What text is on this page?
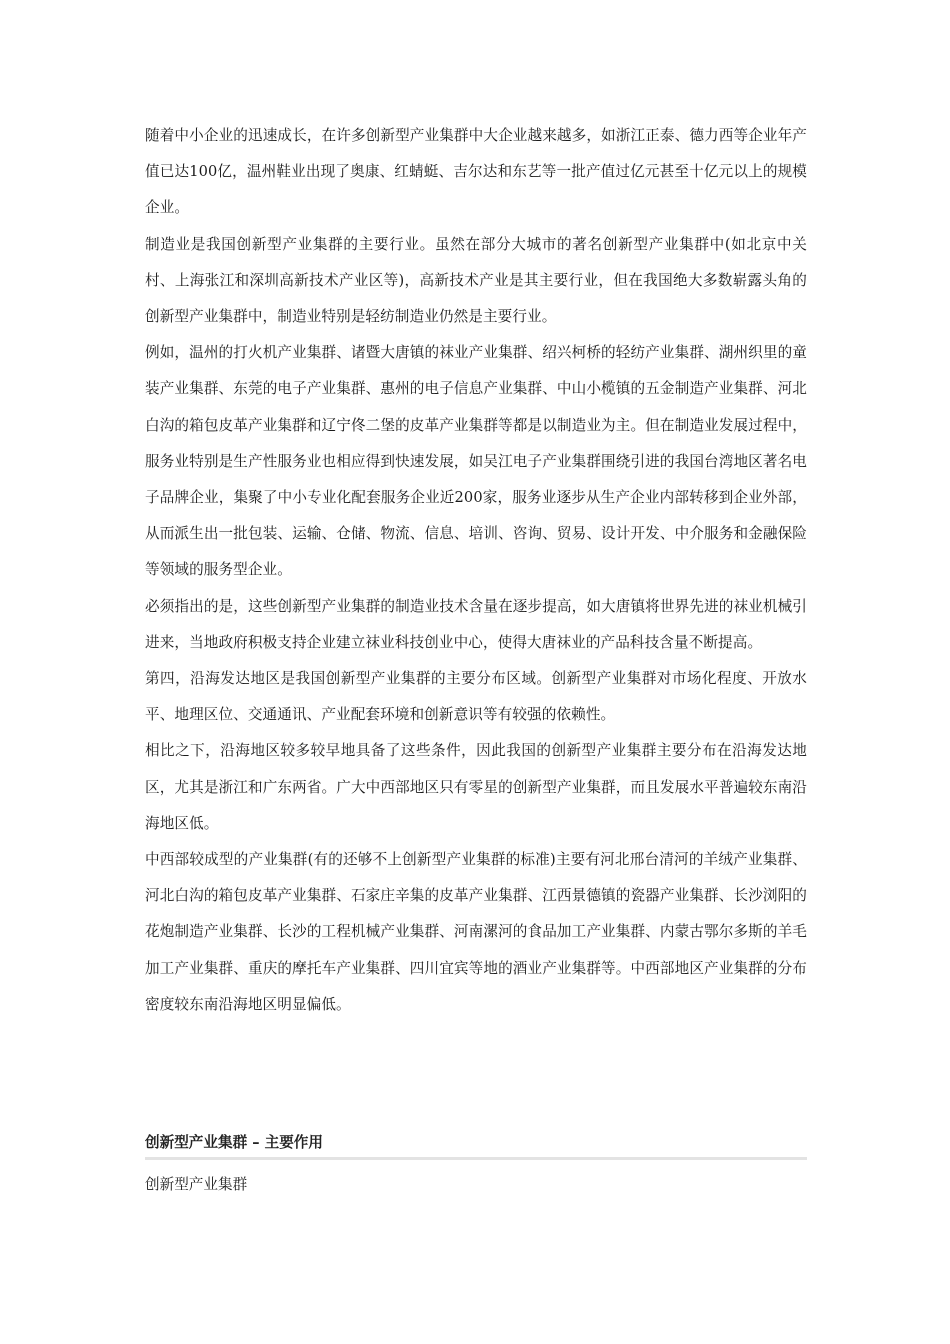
随着中小企业的迅速成长，在许多创新型产业集群中大企业越来越多，如浙江正泰、德力西等企业年产值已达100亿，温州鞋业出现了奥康、红蜻蜓、吉尔达和东艺等一批产值过亿元甚至十亿元以上的规模企业。

制造业是我国创新型产业集群的主要行业。虽然在部分大城市的著名创新型产业集群中(如北京中关村、上海张江和深圳高新技术产业区等)，高新技术产业是其主要行业，但在我国绝大多数崭露头角的创新型产业集群中，制造业特别是轻纺制造业仍然是主要行业。

例如，温州的打火机产业集群、诸暨大唐镇的袜业产业集群、绍兴柯桥的轻纺产业集群、湖州织里的童装产业集群、东莞的电子产业集群、惠州的电子信息产业集群、中山小榄镇的五金制造产业集群、河北白沟的箱包皮革产业集群和辽宁佟二堡的皮革产业集群等都是以制造业为主。但在制造业发展过程中，服务业特别是生产性服务业也相应得到快速发展，如吴江电子产业集群围绕引进的我国台湾地区著名电子品牌企业，集聚了中小专业化配套服务企业近200家，服务业逐步从生产企业内部转移到企业外部，从而派生出一批包装、运输、仓储、物流、信息、培训、咨询、贸易、设计开发、中介服务和金融保险等领域的服务型企业。

必须指出的是，这些创新型产业集群的制造业技术含量在逐步提高，如大唐镇将世界先进的袜业机械引进来，当地政府积极支持企业建立袜业科技创业中心，使得大唐袜业的产品科技含量不断提高。

第四，沿海发达地区是我国创新型产业集群的主要分布区域。创新型产业集群对市场化程度、开放水平、地理区位、交通通讯、产业配套环境和创新意识等有较强的依赖性。

相比之下，沿海地区较多较早地具备了这些条件，因此我国的创新型产业集群主要分布在沿海发达地区，尤其是浙江和广东两省。广大中西部地区只有零星的创新型产业集群，而且发展水平普遍较东南沿海地区低。

中西部较成型的产业集群(有的还够不上创新型产业集群的标准)主要有河北邢台清河的羊绒产业集群、河北白沟的箱包皮革产业集群、石家庄辛集的皮革产业集群、江西景德镇的瓷器产业集群、长沙浏阳的花炮制造产业集群、长沙的工程机械产业集群、河南漯河的食品加工产业集群、内蒙古鄂尔多斯的羊毛加工产业集群、重庆的摩托车产业集群、四川宜宾等地的酒业产业集群等。中西部地区产业集群的分布密度较东南沿海地区明显偏低。

创新型产业集群 – 主要作用

创新型产业集群
